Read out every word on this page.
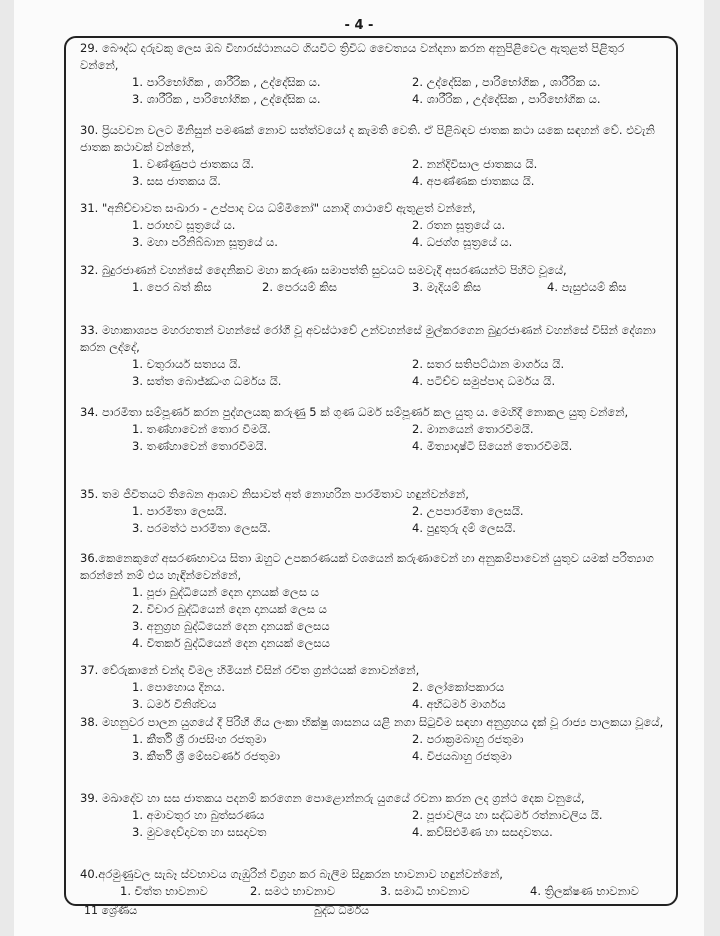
- 4 -
29. බෞද්ධ දරුවකු ලෙස ඔබ විහාරස්ථානයට ගියවිට ත්‍රිවිධ චෛත්‍යය වන්දනා කරන අනුපිළිවෙල ඇතුළත් පිළිතුර වන්නේ,
1. පාරිභෝගික , ශාරීරික , උද්දේසික ය.	2. උද්දේසික , පාරිභෝගික , ශාරීරික ය.
3. ශාරීරික , පාරිභෝගික , උද්දේසික ය.	4. ශාරීරික , උද්දේසික , පාරිභෝගික ය.
30. ප්‍රියවචන වලට මිනිසුන් පමණක් නොව සත්ත්වයෝ ද කැමති වෙති. ඒ පිළිබඳව ජාතක කථා යකෙ සඳහන් වේ. එවැනි ජාතක කථාවක් වන්නේ,
1. වණ්ණුපථ ජාතකය යි.	2. නන්දිවිසාල ජාතකය යි.
3. සස ජාතකය යි.	4. අපණ්ණක ජාතකය යි.
31. "අනිච්චාවත සංඛාරා - උප්පාද වය ධම්මිනෝ" යනාදි ගාථාවේ ඇතුළත් වන්නේ,
1. පරාභව සූත්‍රයේ ය.	2. රතන සූත්‍රයේ ය.
3. මහා පරිනිබ්බාන සූත්‍රයේ ය.	4. ධජග්ග සූත්‍රයේ ය.
32. බුදුරජාණන් වහන්සේ දෛනිකව මහා කරුණා සමාපත්ති සුවයට සමවැදී අසරණයන්ට පිහිට වූයේ,
1. පෙර බත් කිස	2. පෙරයම් කිස	3. මැදියම් කිස	4. පැසුළුයම් කිස
33. මහාකාශ්‍යප මහරහතන් වහන්සේ රෝගී වූ අවස්ථාවේ උන්වහන්සේ මුල්කරගෙන බුදුරජාණන් වහන්සේ විසින් දේශනා කරන ලද්දේ,
1. චතුරාර්ය සත්‍යය යි.	2. සතර සතිපට්ඨාන මාර්ගය යි.
3. සත්ත බොජ්ඣංග ධර්මය යි.	4. පටිච්ච සමුප්පාද ධර්මය යි.
34. පාරමිතා සම්පූර්ණ කරන පුද්ගලයකු කරුණු 5 ක් ගුණ ධර්ම සම්පූර්ණ කල යුතු ය. මෙහිදී නොකල යුතු වන්නේ,
1. තණ්හාවෙන් තොර වීමයි.	2. මානයෙන් තොරවීමයි.
3. තණ්හාවෙන් තොරවීමයි.	4. මිත්‍යාදෘෂ්ටි සියෙන් තොරවීමයි.
35. තම ජීවිතයට තිබෙන ආශාව නිසාවත් අත් නොහරින පාරමිතාව හඳුන්වන්නේ,
1. පාරමිතා ලෙසයි.	2. උපපාරමිතා ලෙසයි.
3. පරමත්ථ පාරමිතා ලෙසයි.	4. පුදුතුරු දම් ලෙසයි.
36.කෙනෙකුගේ අසරණභාවය සිතා ඔහුට උපකරණයක් වශයෙන් කරුණාවෙන් හා අනුකම්පාවෙන් යුතුව යමක් පරිත්‍යාග කරන්නේ නම් එය හැඳින්වෙන්නේ,
1. පූජා බුද්ධියෙන් දෙන දානයක් ලෙස ය
2. විචාර බුද්ධියෙන් දෙන දානයක් ලෙස ය
3. අනුග්‍රහ බුද්ධියෙන් දෙන දානයක් ලෙසය
4. විතර්ක බුද්ධියෙන් දෙන දානයක් ලෙසය
37. වේරුකානේ චන්ද විමල හිමියන් විසින් රචිත ග්‍රන්ථයක් නොවන්නේ,
1. පොහොය දිනය.	2. ලෝකෝපකාරය
3. ධර්ම විනිශ්චය	4. අභිධර්ම මාර්ගය
38. මහනුවර පාලන යුගයේ දී පිරිහී ගිය ලංකා භික්ෂු ශාසනය යළි නගා සිටුවීම සඳහා අනුග්‍රහය දැක් වූ රාජ්‍ය පාලකයා වූයේ,
1. කීර්ති ශ්‍රී රාජසිංහ රජතුමා	2. පරාක්‍රමබාහු රජතුමා
3. කීර්ති ශ්‍රී මේඝවර්ණ රජතුමා	4. විජයබාහු රජතුමා
39. මඛාදේව හා සස ජාතකය පදනම් කරගෙන පොළොන්නරු යුගයේ රචනා කරන ලද ග්‍රන්ථ දෙක වනුයේ,
1. අමාවතුර හා බුත්සරණය	2. පූජාවලිය හා සද්ධර්ම රත්නාවලිය යි.
3. මුවදෙව්දාවත හා සසදාවත	4. කව්සිළුමිණ හා සසදාවතය.
40.අරමුණුවල සැබෑ ස්වභාවය ගැඹුරින් විග්‍රහ කර බැලීම සිදුකරන භාවනාව හඳුන්වන්නේ,
1. චිත්ත භාවනාව	2. සමථ භාවනාව	3. සමාධි භාවනාව	4. ත්‍රිලක්ෂණ භාවනාව
11 ශ්‍රේණිය	බුද්ධ ධර්මය
